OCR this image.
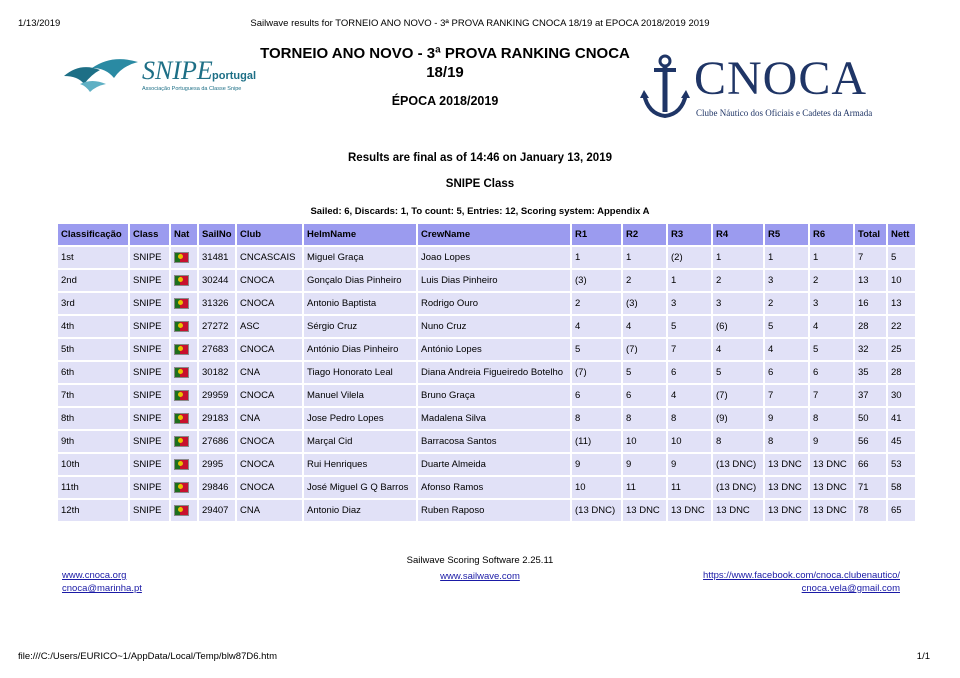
1/13/2019	Sailwave results for TORNEIO ANO NOVO - 3ª PROVA RANKING CNOCA 18/19 at EPOCA 2018/2019 2019
SNIPE portugal
Associação Portuguesa da Classe Snipe
TORNEIO ANO NOVO - 3ª PROVA RANKING CNOCA
18/19
ÉPOCA 2018/2019	CNOCA
Clube Náutico dos Oficiais e Cadetes da Armada
Results are final as of 14:46 on January 13, 2019
SNIPE Class
Sailed: 6, Discards: 1, To count: 5, Entries: 12, Scoring system: Appendix A
Classificação	Class	Nat	SailNo	Club	HelmName	CrewName	R1	R2	R3	R4	R5	R6	Total	Nett
1st	SNIPE		31481	CNCASCAIS	Miguel Graça	Joao Lopes	1	1	(2)	1	1	1	7	5
2nd	SNIPE		30244	CNOCA	Gonçalo Dias Pinheiro	Luis Dias Pinheiro	(3)	2	1	2	3	2	13	10
3rd	SNIPE		31326	CNOCA	Antonio Baptista	Rodrigo Ouro	2	(3)	3	3	2	3	16	13
4th	SNIPE		27272	ASC	Sérgio Cruz	Nuno Cruz	4	4	5	(6)	5	4	28	22
5th	SNIPE		27683	CNOCA	António Dias Pinheiro	António Lopes	5	(7)	7	4	4	5	32	25
6th	SNIPE		30182	CNA	Tiago Honorato Leal	Diana Andreia Figueiredo Botelho	(7)	5	6	5	6	6	35	28
7th	SNIPE		29959	CNOCA	Manuel Vilela	Bruno Graça	6	6	4	(7)	7	7	37	30
8th	SNIPE		29183	CNA	Jose Pedro Lopes	Madalena Silva	8	8	8	(9)	9	8	50	41
9th	SNIPE		27686	CNOCA	Marçal Cid	Barracosa Santos	(11)	10	10	8	8	9	56	45
10th	SNIPE		2995	CNOCA	Rui Henriques	Duarte Almeida	9	9	9	(13 DNC)	13 DNC	13 DNC	66	53
11th	SNIPE		29846	CNOCA	José Miguel G Q Barros	Afonso Ramos	10	11	11	(13 DNC)	13 DNC	13 DNC	71	58
12th	SNIPE		29407	CNA	Antonio Diaz	Ruben Raposo	(13 DNC)	13 DNC	13 DNC	13 DNC	13 DNC	13 DNC	78	65
Sailwave Scoring Software 2.25.11
www.sailwave.com
www.cnoca.org
cnoca@marinha.pt
https://www.facebook.com/cnoca.clubenautico/
cnoca.vela@gmail.com
file:///C:/Users/EURICO~1/AppData/Local/Temp/blw87D6.htm	1/1
